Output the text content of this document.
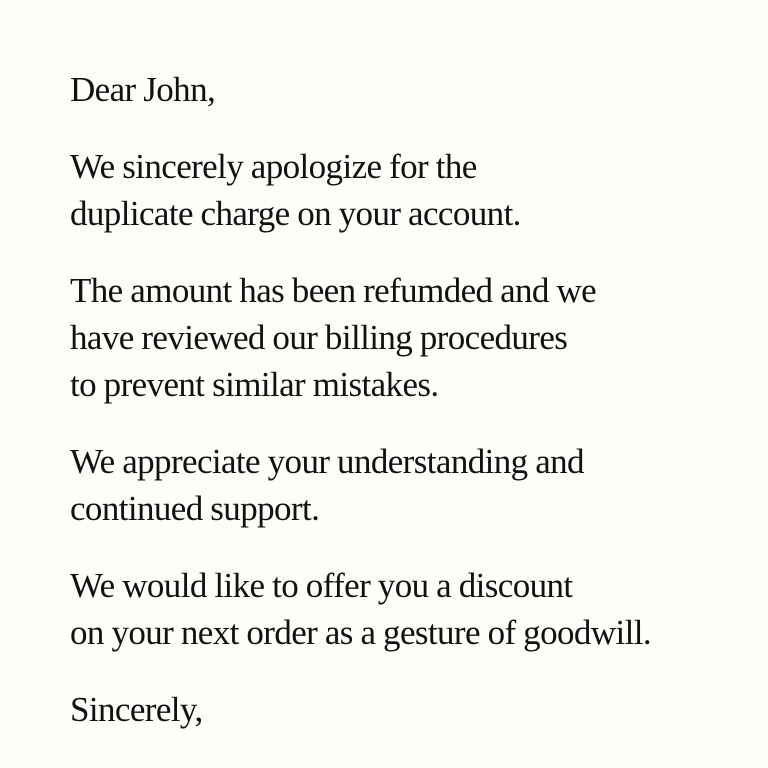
Dear John,

We sincerely apologize for the
duplicate charge on your account.

The amount has been refumded and we
have reviewed our billing procedures
to prevent similar mistakes.

We appreciate your understanding and
continued support.

We would like to offer you a discount
on your next order as a gesture of goodwill.

Sincerely,
